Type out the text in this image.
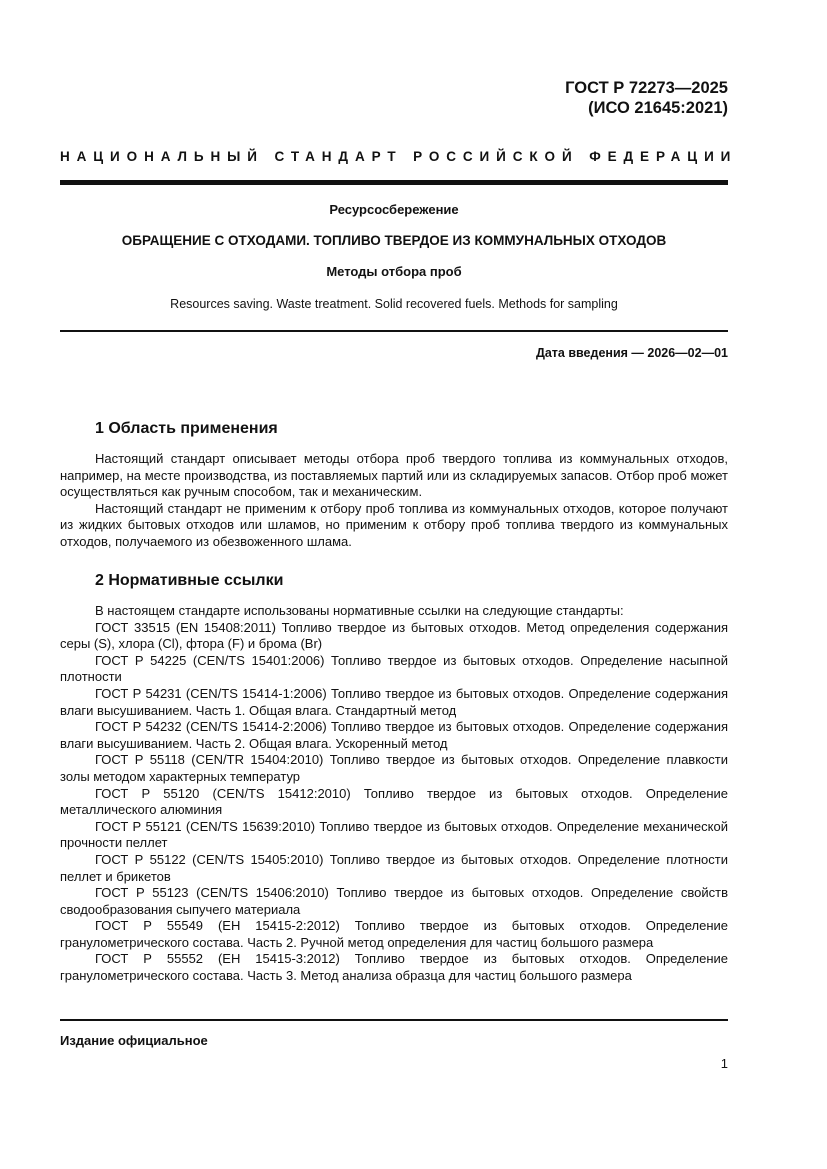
ГОСТ Р 72273—2025
(ИСО 21645:2021)
НАЦИОНАЛЬНЫЙ СТАНДАРТ РОССИЙСКОЙ ФЕДЕРАЦИИ
Ресурсосбережение
ОБРАЩЕНИЕ С ОТХОДАМИ. ТОПЛИВО ТВЕРДОЕ ИЗ КОММУНАЛЬНЫХ ОТХОДОВ
Методы отбора проб
Resources saving. Waste treatment. Solid recovered fuels. Methods for sampling
Дата введения — 2026—02—01
1 Область применения

Настоящий стандарт описывает методы отбора проб твердого топлива из коммунальных отходов, например, на месте производства, из поставляемых партий или из складируемых запасов. Отбор проб может осуществляться как ручным способом, так и механическим.

Настоящий стандарт не применим к отбору проб топлива из коммунальных отходов, которое получают из жидких бытовых отходов или шламов, но применим к отбору проб топлива твердого из коммунальных отходов, получаемого из обезвоженного шлама.

2 Нормативные ссылки

В настоящем стандарте использованы нормативные ссылки на следующие стандарты:

ГОСТ 33515 (EN 15408:2011) Топливо твердое из бытовых отходов. Метод определения содержания серы (S), хлора (Cl), фтора (F) и брома (Br)

ГОСТ Р 54225 (CEN/TS 15401:2006) Топливо твердое из бытовых отходов. Определение насыпной плотности

ГОСТ Р 54231 (CEN/TS 15414-1:2006) Топливо твердое из бытовых отходов. Определение содержания влаги высушиванием. Часть 1. Общая влага. Стандартный метод

ГОСТ Р 54232 (CEN/TS 15414-2:2006) Топливо твердое из бытовых отходов. Определение содержания влаги высушиванием. Часть 2. Общая влага. Ускоренный метод

ГОСТ Р 55118 (CEN/TR 15404:2010) Топливо твердое из бытовых отходов. Определение плавкости золы методом характерных температур

ГОСТ Р 55120 (CEN/TS 15412:2010) Топливо твердое из бытовых отходов. Определение металлического алюминия

ГОСТ Р 55121 (CEN/TS 15639:2010) Топливо твердое из бытовых отходов. Определение механической прочности пеллет

ГОСТ Р 55122 (CEN/TS 15405:2010) Топливо твердое из бытовых отходов. Определение плотности пеллет и брикетов

ГОСТ Р 55123 (CEN/TS 15406:2010) Топливо твердое из бытовых отходов. Определение свойств сводообразования сыпучего материала

ГОСТ Р 55549 (EH 15415-2:2012) Топливо твердое из бытовых отходов. Определение гранулометрического состава. Часть 2. Ручной метод определения для частиц большого размера

ГОСТ Р 55552 (EH 15415-3:2012) Топливо твердое из бытовых отходов. Определение гранулометрического состава. Часть 3. Метод анализа образца для частиц большого размера

Издание официальное
1
